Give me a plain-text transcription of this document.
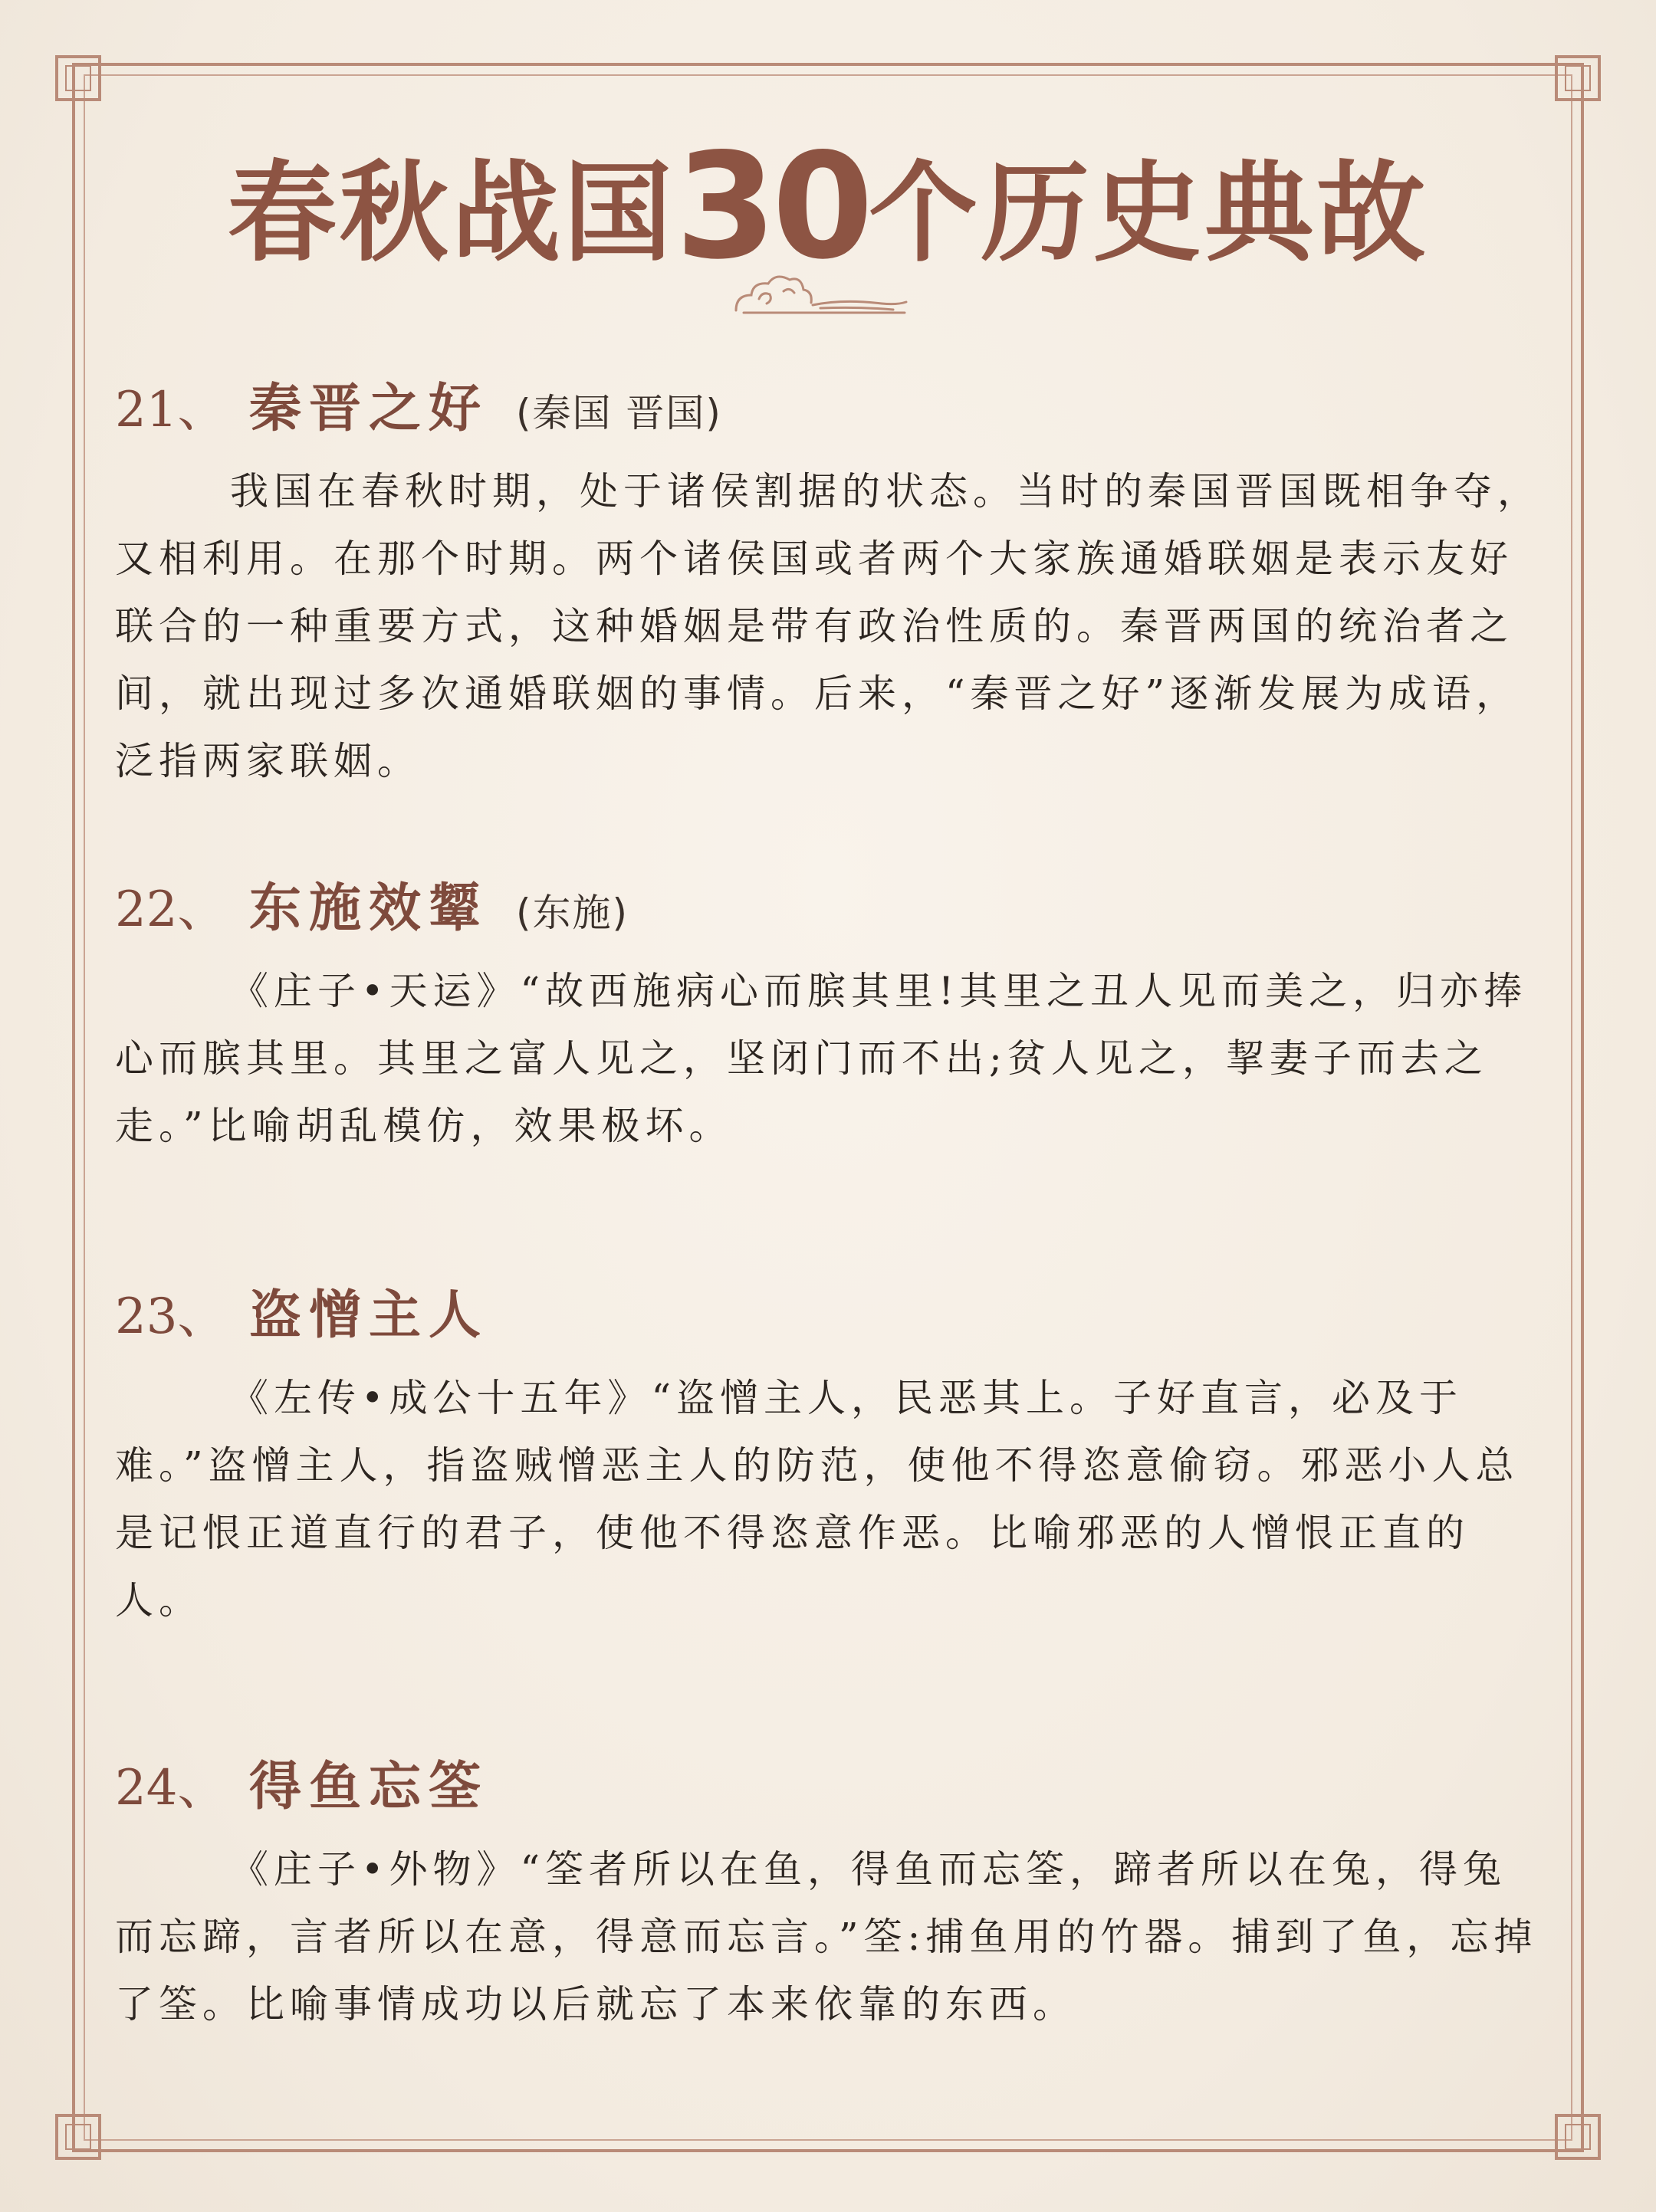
春秋战国30个历史典故
21、 秦晋之好 (秦国 晋国)
我国在春秋时期，处于诸侯割据的状态。当时的秦国晋国既相争夺，又相利用。在那个时期。两个诸侯国或者两个大家族通婚联姻是表示友好联合的一种重要方式，这种婚姻是带有政治性质的。秦晋两国的统治者之间，就出现过多次通婚联姻的事情。后来，“秦晋之好”逐渐发展为成语，泛指两家联姻。
22、 东施效颦 (东施)
《庄子•天运》“故西施病心而膑其里!其里之丑人见而美之，归亦捧心而膑其里。其里之富人见之，坚闭门而不出;贫人见之，挈妻子而去之走。”比喻胡乱模仿，效果极坏。
23、 盗憎主人
《左传•成公十五年》“盗憎主人，民恶其上。子好直言，必及于难。”盗憎主人，指盗贼憎恶主人的防范，使他不得恣意偷窃。邪恶小人总是记恨正道直行的君子，使他不得恣意作恶。比喻邪恶的人憎恨正直的人。
24、 得鱼忘筌
《庄子•外物》“筌者所以在鱼，得鱼而忘筌，蹄者所以在兔，得兔而忘蹄，言者所以在意，得意而忘言。”筌:捕鱼用的竹器。捕到了鱼，忘掉了筌。比喻事情成功以后就忘了本来依靠的东西。
